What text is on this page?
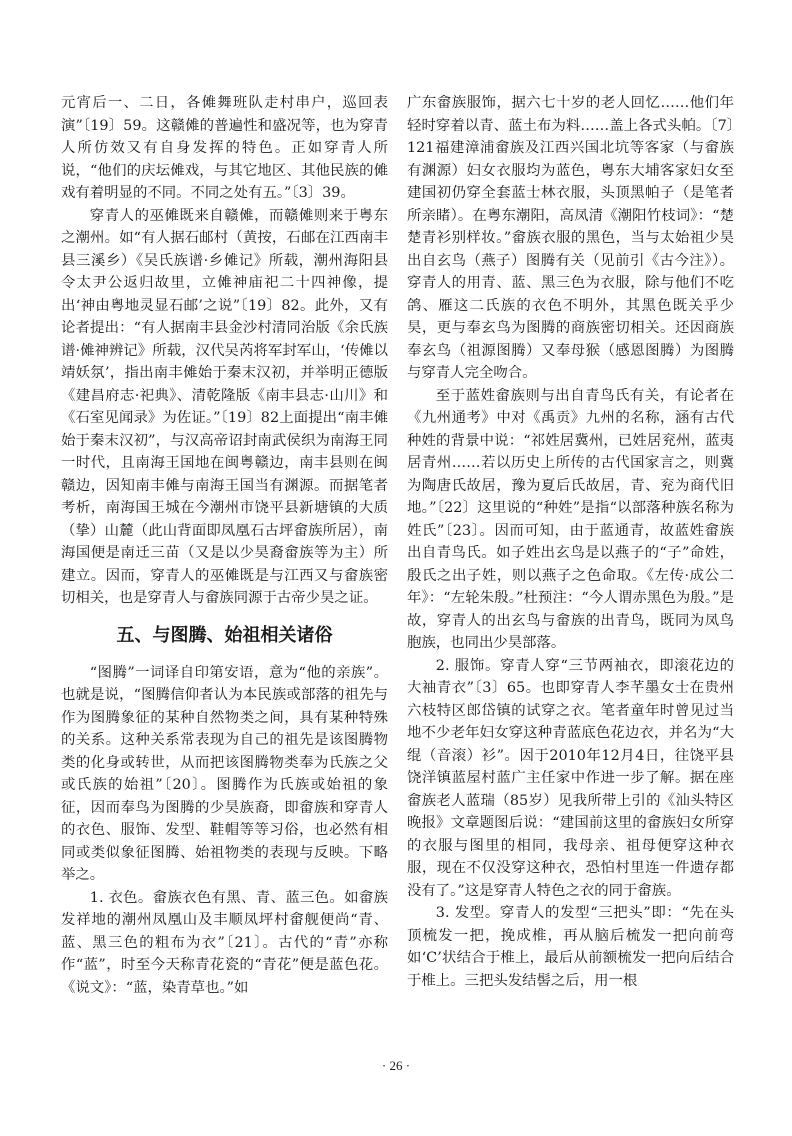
元宵后一、二日，各傩舞班队走村串户，巡回表演”〔19〕59。这赣傩的普遍性和盛况等，也为穿青人所仿效又有自身发挥的特色。正如穿青人所说，“他们的庆坛傩戏，与其它地区、其他民族的傩戏有着明显的不同。不同之处有五。”〔3〕39。

穿青人的巫傩既来自赣傩，而赣傩则来于粤东之潮州。如“有人据石邮村（黄按，石邮在江西南丰县三溪乡）《吴氏族谱·乡傩记》所载，潮州海阳县令太尹公返归故里，立傩神庙祀二十四神像，提出‘神由粤地灵显石邮’之说”〔19〕82。此外，又有论者提出：“有人据南丰县金沙村清同治版《余氏族谱·傩神辨记》所载，汉代吴芮将军封军山，‘传傩以靖妖氛’，指出南丰傩始于秦末汉初，并举明正德版《建昌府志·祀典》、清乾隆版《南丰县志·山川》和《石室见闻录》为佐证。”〔19〕82上面提出“南丰傩始于秦末汉初”，与汉高帝诏封南武侯织为南海王同一时代，且南海王国地在闽粤赣边，南丰县则在闽赣边，因知南丰傩与南海王国当有渊源。而据笔者考析，南海国王城在今潮州市饶平县新塘镇的大质（挚）山麓（此山背面即凤凰石古坪畲族所居），南海国便是南迁三苗（又是以少昊裔畲族等为主）所建立。因而，穿青人的巫傩既是与江西又与畲族密切相关，也是穿青人与畲族同源于古帝少昊之证。

五、与图腾、始祖相关诸俗

“图腾”一词译自印第安语，意为“他的亲族”。也就是说，“图腾信仰者认为本民族或部落的祖先与作为图腾象征的某种自然物类之间，具有某种特殊的关系。这种关系常表现为自己的祖先是该图腾物类的化身或转世，从而把该图腾物类奉为氏族之父或氏族的始祖”〔20〕。图腾作为氏族或始祖的象征，因而奉鸟为图腾的少昊族裔，即畲族和穿青人的衣色、服饰、发型、鞋帽等等习俗，也必然有相同或类似象征图腾、始祖物类的表现与反映。下略举之。

1. 衣色。畲族衣色有黑、青、蓝三色。如畲族发祥地的潮州凤凰山及丰顺凤坪村畲舰便尚“青、蓝、黑三色的粗布为衣”〔21〕。古代的“青”亦称作“蓝”，时至今天称青花瓷的“青花”便是蓝色花。《说文》：“蓝，染青草也。”如

广东畲族服饰，据六七十岁的老人回忆……他们年轻时穿着以青、蓝土布为料……盖上各式头帕。〔7〕121福建漳浦畲族及江西兴国北坑等客家（与畲族有渊源）妇女衣服均为蓝色，粤东大埔客家妇女至建国初仍穿全套蓝士林衣服，头顶黑帕子（是笔者所亲睹）。在粤东潮阳，高凤清《潮阳竹枝词》：“楚楚青衫别样妆。”畲族衣服的黑色，当与太始祖少昊出自玄鸟（燕子）图腾有关（见前引《古今注》）。穿青人的用青、蓝、黑三色为衣服，除与他们不吃鸽、雁这二氏族的衣色不明外，其黑色既关乎少昊，更与奉玄鸟为图腾的商族密切相关。还因商族奉玄鸟（祖源图腾）又奉母猴（感恩图腾）为图腾与穿青人完全吻合。

至于蓝姓畲族则与出自青鸟氏有关，有论者在《九州通考》中对《禹贡》九州的名称，涵有古代种姓的背景中说：“祁姓居冀州，已姓居兖州，蓝夷居青州……若以历史上所传的古代国家言之，则冀为陶唐氏故居，豫为夏后氏故居，青、兖为商代旧地。”〔22〕这里说的“种姓”是指“以部落种族名称为姓氏”〔23〕。因而可知，由于蓝通青，故蓝姓畲族出自青鸟氏。如子姓出玄鸟是以燕子的“子”命姓，殷氏之出子姓，则以燕子之色命取。《左传·成公二年》：“左轮朱殷。”杜预注：“今人谓赤黑色为殷。”是故，穿青人的出玄鸟与畲族的出青鸟，既同为凤鸟胞族，也同出少昊部落。

2. 服饰。穿青人穿“三节两袖衣，即滚花边的大袖青衣”〔3〕65。也即穿青人李芊墨女士在贵州六枝特区郎岱镇的试穿之衣。笔者童年时曾见过当地不少老年妇女穿这种青蓝底色花边衣，并名为“大绲（音滚）衫”。因于2010年12月4日，往饶平县饶洋镇蓝屋村蓝广主任家中作进一步了解。据在座畲族老人蓝瑞（85岁）见我所带上引的《汕头特区晚报》文章题图后说：“建国前这里的畲族妇女所穿的衣服与图里的相同，我母亲、祖母便穿这种衣服，现在不仅没穿这种衣，恐怕村里连一件遗存都没有了。”这是穿青人特色之衣的同于畲族。

3. 发型。穿青人的发型“三把头”即：“先在头顶梳发一把，挽成椎，再从脑后梳发一把向前弯如‘C’状结合于椎上，最后从前额梳发一把向后结合于椎上。三把头发结髻之后，用一根

· 26 ·
